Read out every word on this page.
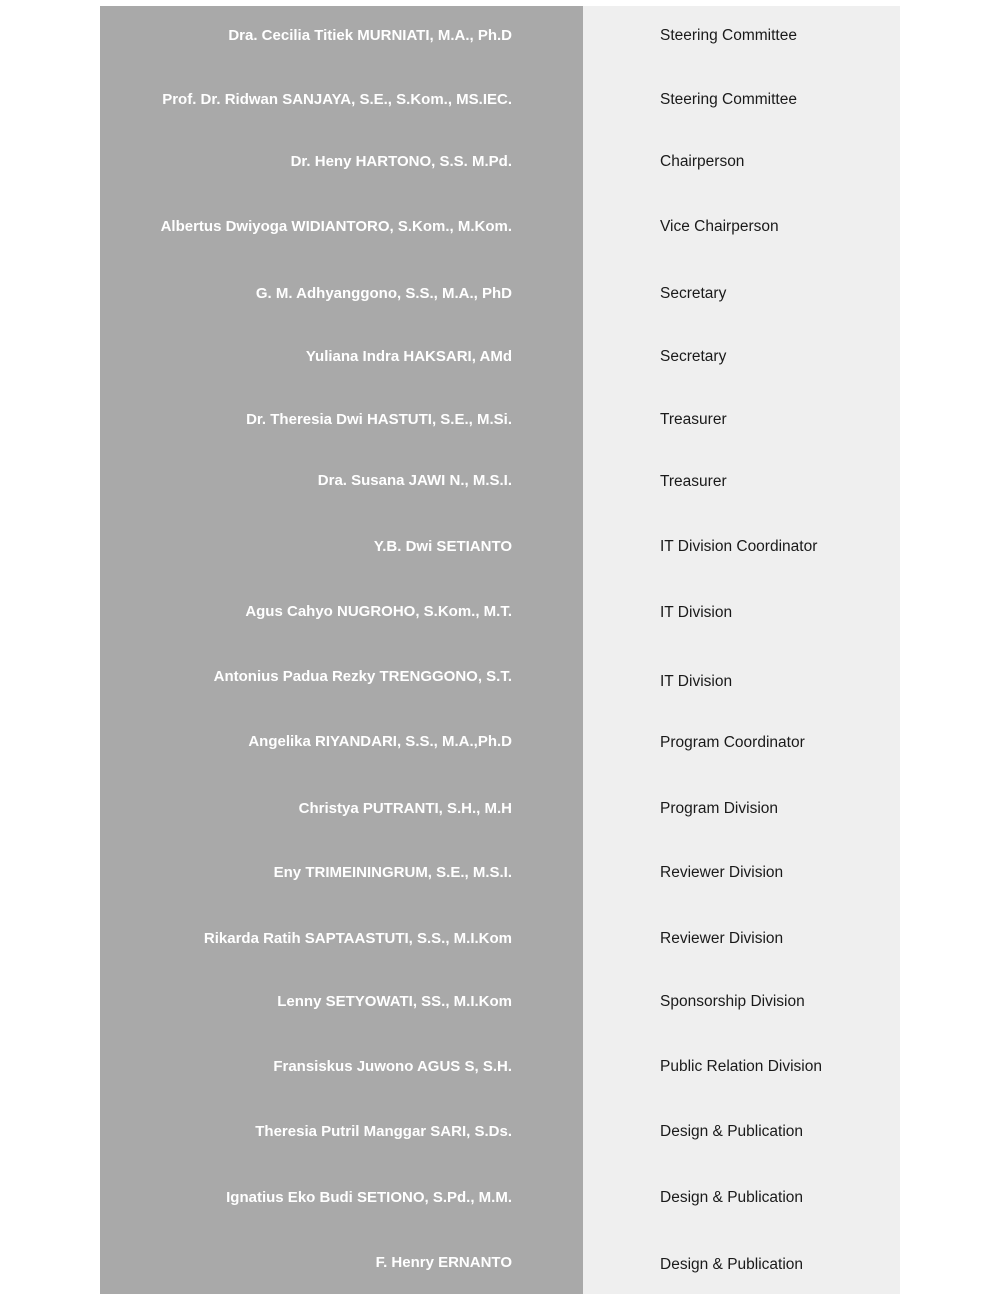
Dra. Cecilia Titiek MURNIATI, M.A., Ph.D
Prof. Dr. Ridwan SANJAYA, S.E., S.Kom., MS.IEC.
Dr. Heny HARTONO, S.S. M.Pd.
Albertus Dwiyoga WIDIANTORO, S.Kom., M.Kom.
G. M. Adhyanggono, S.S., M.A., PhD
Yuliana Indra HAKSARI, AMd
Dr. Theresia Dwi HASTUTI, S.E., M.Si.
Dra. Susana JAWI N., M.S.I.
Y.B. Dwi SETIANTO
Agus Cahyo NUGROHO, S.Kom., M.T.
Antonius Padua Rezky TRENGGONO, S.T.
Angelika RIYANDARI, S.S., M.A.,Ph.D
Christya PUTRANTI, S.H., M.H
Eny TRIMEININGRUM, S.E., M.S.I.
Rikarda Ratih SAPTAASTUTI, S.S., M.I.Kom
Lenny SETYOWATI, SS., M.I.Kom
Fransiskus Juwono AGUS S, S.H.
Theresia Putril Manggar SARI, S.Ds.
Ignatius Eko Budi SETIONO, S.Pd., M.M.
F. Henry ERNANTO
Steering Committee
Steering Committee
Chairperson
Vice Chairperson
Secretary
Secretary
Treasurer
Treasurer
IT Division Coordinator
IT Division
IT Division
Program Coordinator
Program Division
Reviewer Division
Reviewer Division
Sponsorship Division
Public Relation Division
Design & Publication
Design & Publication
Design & Publication
